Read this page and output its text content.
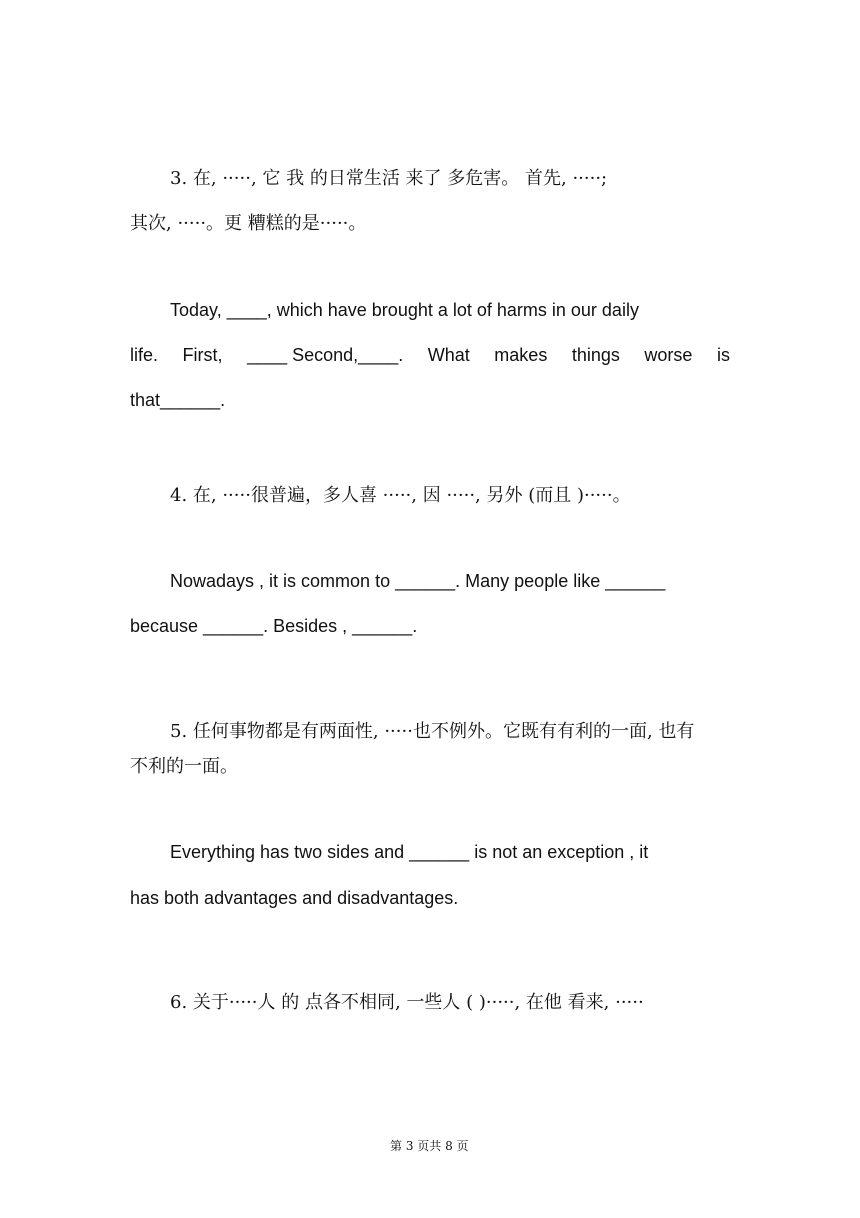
3. 在, ·····, 它 我 的日常生活 来了 多危害。 首先, ·····;

其次, ·····。更 糟糕的是·····。

Today, ____, which have brought a lot of harms in our daily

life. First, ____ Second,____. What makes things worse is

that______.

4. 在, ·····很普遍，多人喜 ·····, 因 ·····, 另外 (而且 )·····。

Nowadays , it is common to ______. Many people like ______

because ______. Besides , ______.

5. 任何事物都是有两面性, ·····也不例外。它既有有利的一面, 也有

不利的一面。

Everything has two sides and ______ is not an exception , it

has both advantages and disadvantages.

6. 关于·····人 的 点各不相同, 一些人 ( )·····, 在他 看来, ·····

第 3 页共 8 页
